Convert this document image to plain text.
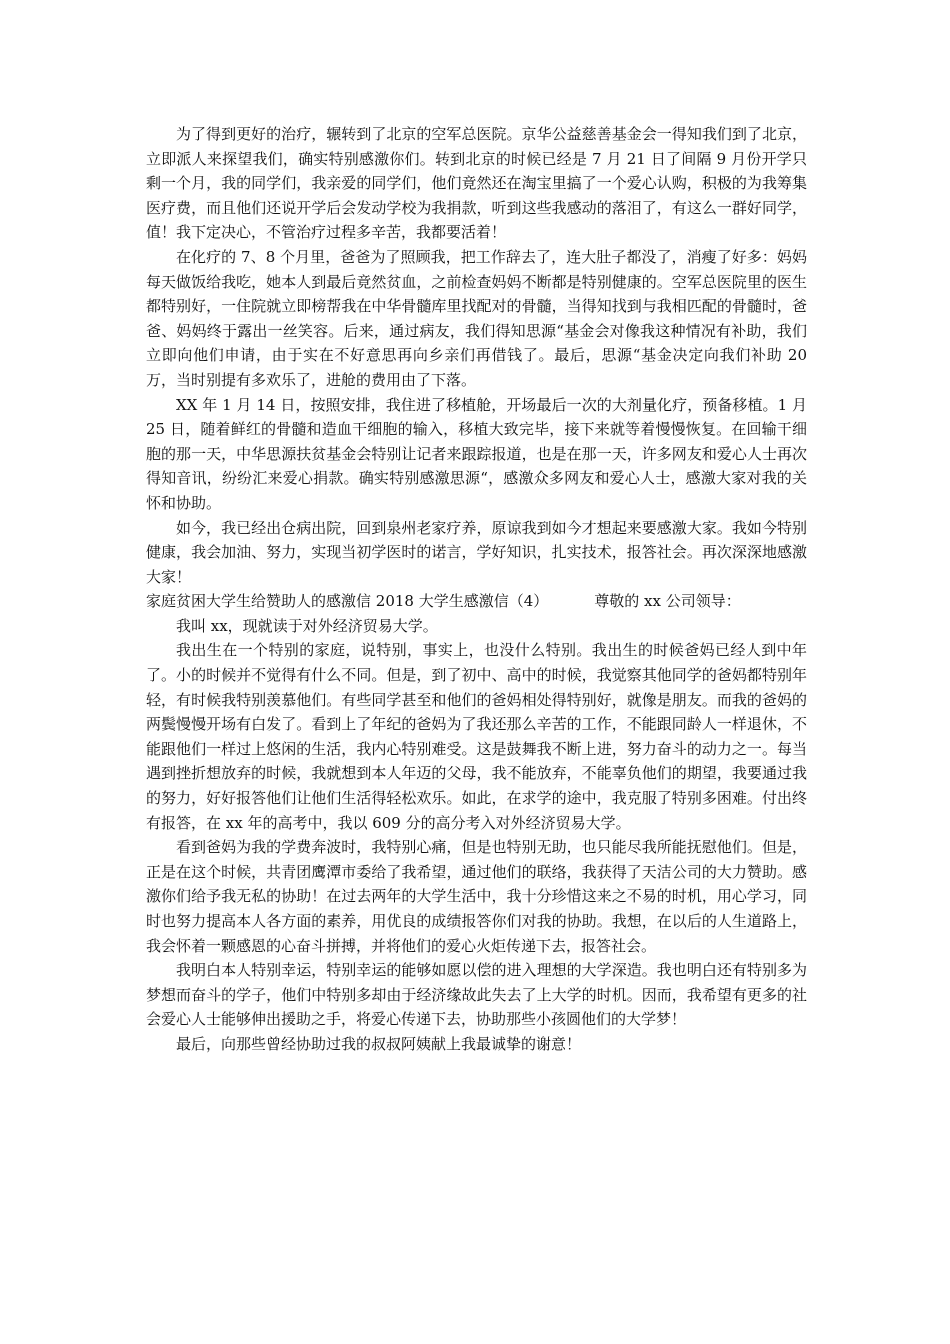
为了得到更好的治疗，辗转到了北京的空军总医院。京华公益慈善基金会一得知我们到了北京，立即派人来探望我们，确实特别感激你们。转到北京的时候已经是 7 月 21 日了间隔 9 月份开学只剩一个月，我的同学们，我亲爱的同学们，他们竟然还在淘宝里搞了一个爱心认购，积极的为我筹集医疗费，而且他们还说开学后会发动学校为我捐款，听到这些我感动的落泪了，有这么一群好同学，值！我下定决心，不管治疗过程多辛苦，我都要活着！

在化疗的 7、8 个月里，爸爸为了照顾我，把工作辞去了，连大肚子都没了，消瘦了好多：妈妈每天做饭给我吃，她本人到最后竟然贫血，之前检查妈妈不断都是特别健康的。空军总医院里的医生都特别好，一住院就立即榜帮我在中华骨髓库里找配对的骨髓，当得知找到与我相匹配的骨髓时，爸爸、妈妈终于露出一丝笑容。后来，通过病友，我们得知思源“基金会对像我这种情况有补助，我们立即向他们申请，由于实在不好意思再向乡亲们再借钱了。最后，思源“基金决定向我们补助 20 万，当时别提有多欢乐了，进舱的费用由了下落。

XX 年 1 月 14 日，按照安排，我住进了移植舱，开场最后一次的大剂量化疗，预备移植。1 月 25 日，随着鲜红的骨髓和造血干细胞的输入，移植大致完毕，接下来就等着慢慢恢复。在回输干细胞的那一天，中华思源扶贫基金会特别让记者来跟踪报道，也是在那一天，许多网友和爱心人士再次得知音讯，纷纷汇来爱心捐款。确实特别感激思源“，感激众多网友和爱心人士，感激大家对我的关怀和协助。

如今，我已经出仓病出院，回到泉州老家疗养，原谅我到如今才想起来要感激大家。我如今特别健康，我会加油、努力，实现当初学医时的诺言，学好知识，扎实技术，报答社会。再次深深地感激大家！

家庭贫困大学生给赞助人的感激信 2018 大学生感激信（4）	尊敬的 xx 公司领导：

我叫 xx，现就读于对外经济贸易大学。

我出生在一个特别的家庭，说特别，事实上，也没什么特别。我出生的时候爸妈已经人到中年了。小的时候并不觉得有什么不同。但是，到了初中、高中的时候，我觉察其他同学的爸妈都特别年轻，有时候我特别羡慕他们。有些同学甚至和他们的爸妈相处得特别好，就像是朋友。而我的爸妈的两鬓慢慢开场有白发了。看到上了年纪的爸妈为了我还那么辛苦的工作，不能跟同龄人一样退休，不能跟他们一样过上悠闲的生活，我内心特别难受。这是鼓舞我不断上进，努力奋斗的动力之一。每当遇到挫折想放弃的时候，我就想到本人年迈的父母，我不能放弃，不能辜负他们的期望，我要通过我的努力，好好报答他们让他们生活得轻松欢乐。如此，在求学的途中，我克服了特别多困难。付出终有报答，在 xx 年的高考中，我以 609 分的高分考入对外经济贸易大学。

看到爸妈为我的学费奔波时，我特别心痛，但是也特别无助，也只能尽我所能抚慰他们。但是，正是在这个时候，共青团鹰潭市委给了我希望，通过他们的联络，我获得了天洁公司的大力赞助。感激你们给予我无私的协助！在过去两年的大学生活中，我十分珍惜这来之不易的时机，用心学习，同时也努力提高本人各方面的素养，用优良的成绩报答你们对我的协助。我想，在以后的人生道路上，我会怀着一颗感恩的心奋斗拼搏，并将他们的爱心火炬传递下去，报答社会。

我明白本人特别幸运，特别幸运的能够如愿以偿的进入理想的大学深造。我也明白还有特别多为梦想而奋斗的学子，他们中特别多却由于经济缘故此失去了上大学的时机。因而，我希望有更多的社会爱心人士能够伸出援助之手，将爱心传递下去，协助那些小孩圆他们的大学梦！

最后，向那些曾经协助过我的叔叔阿姨献上我最诚挚的谢意！
